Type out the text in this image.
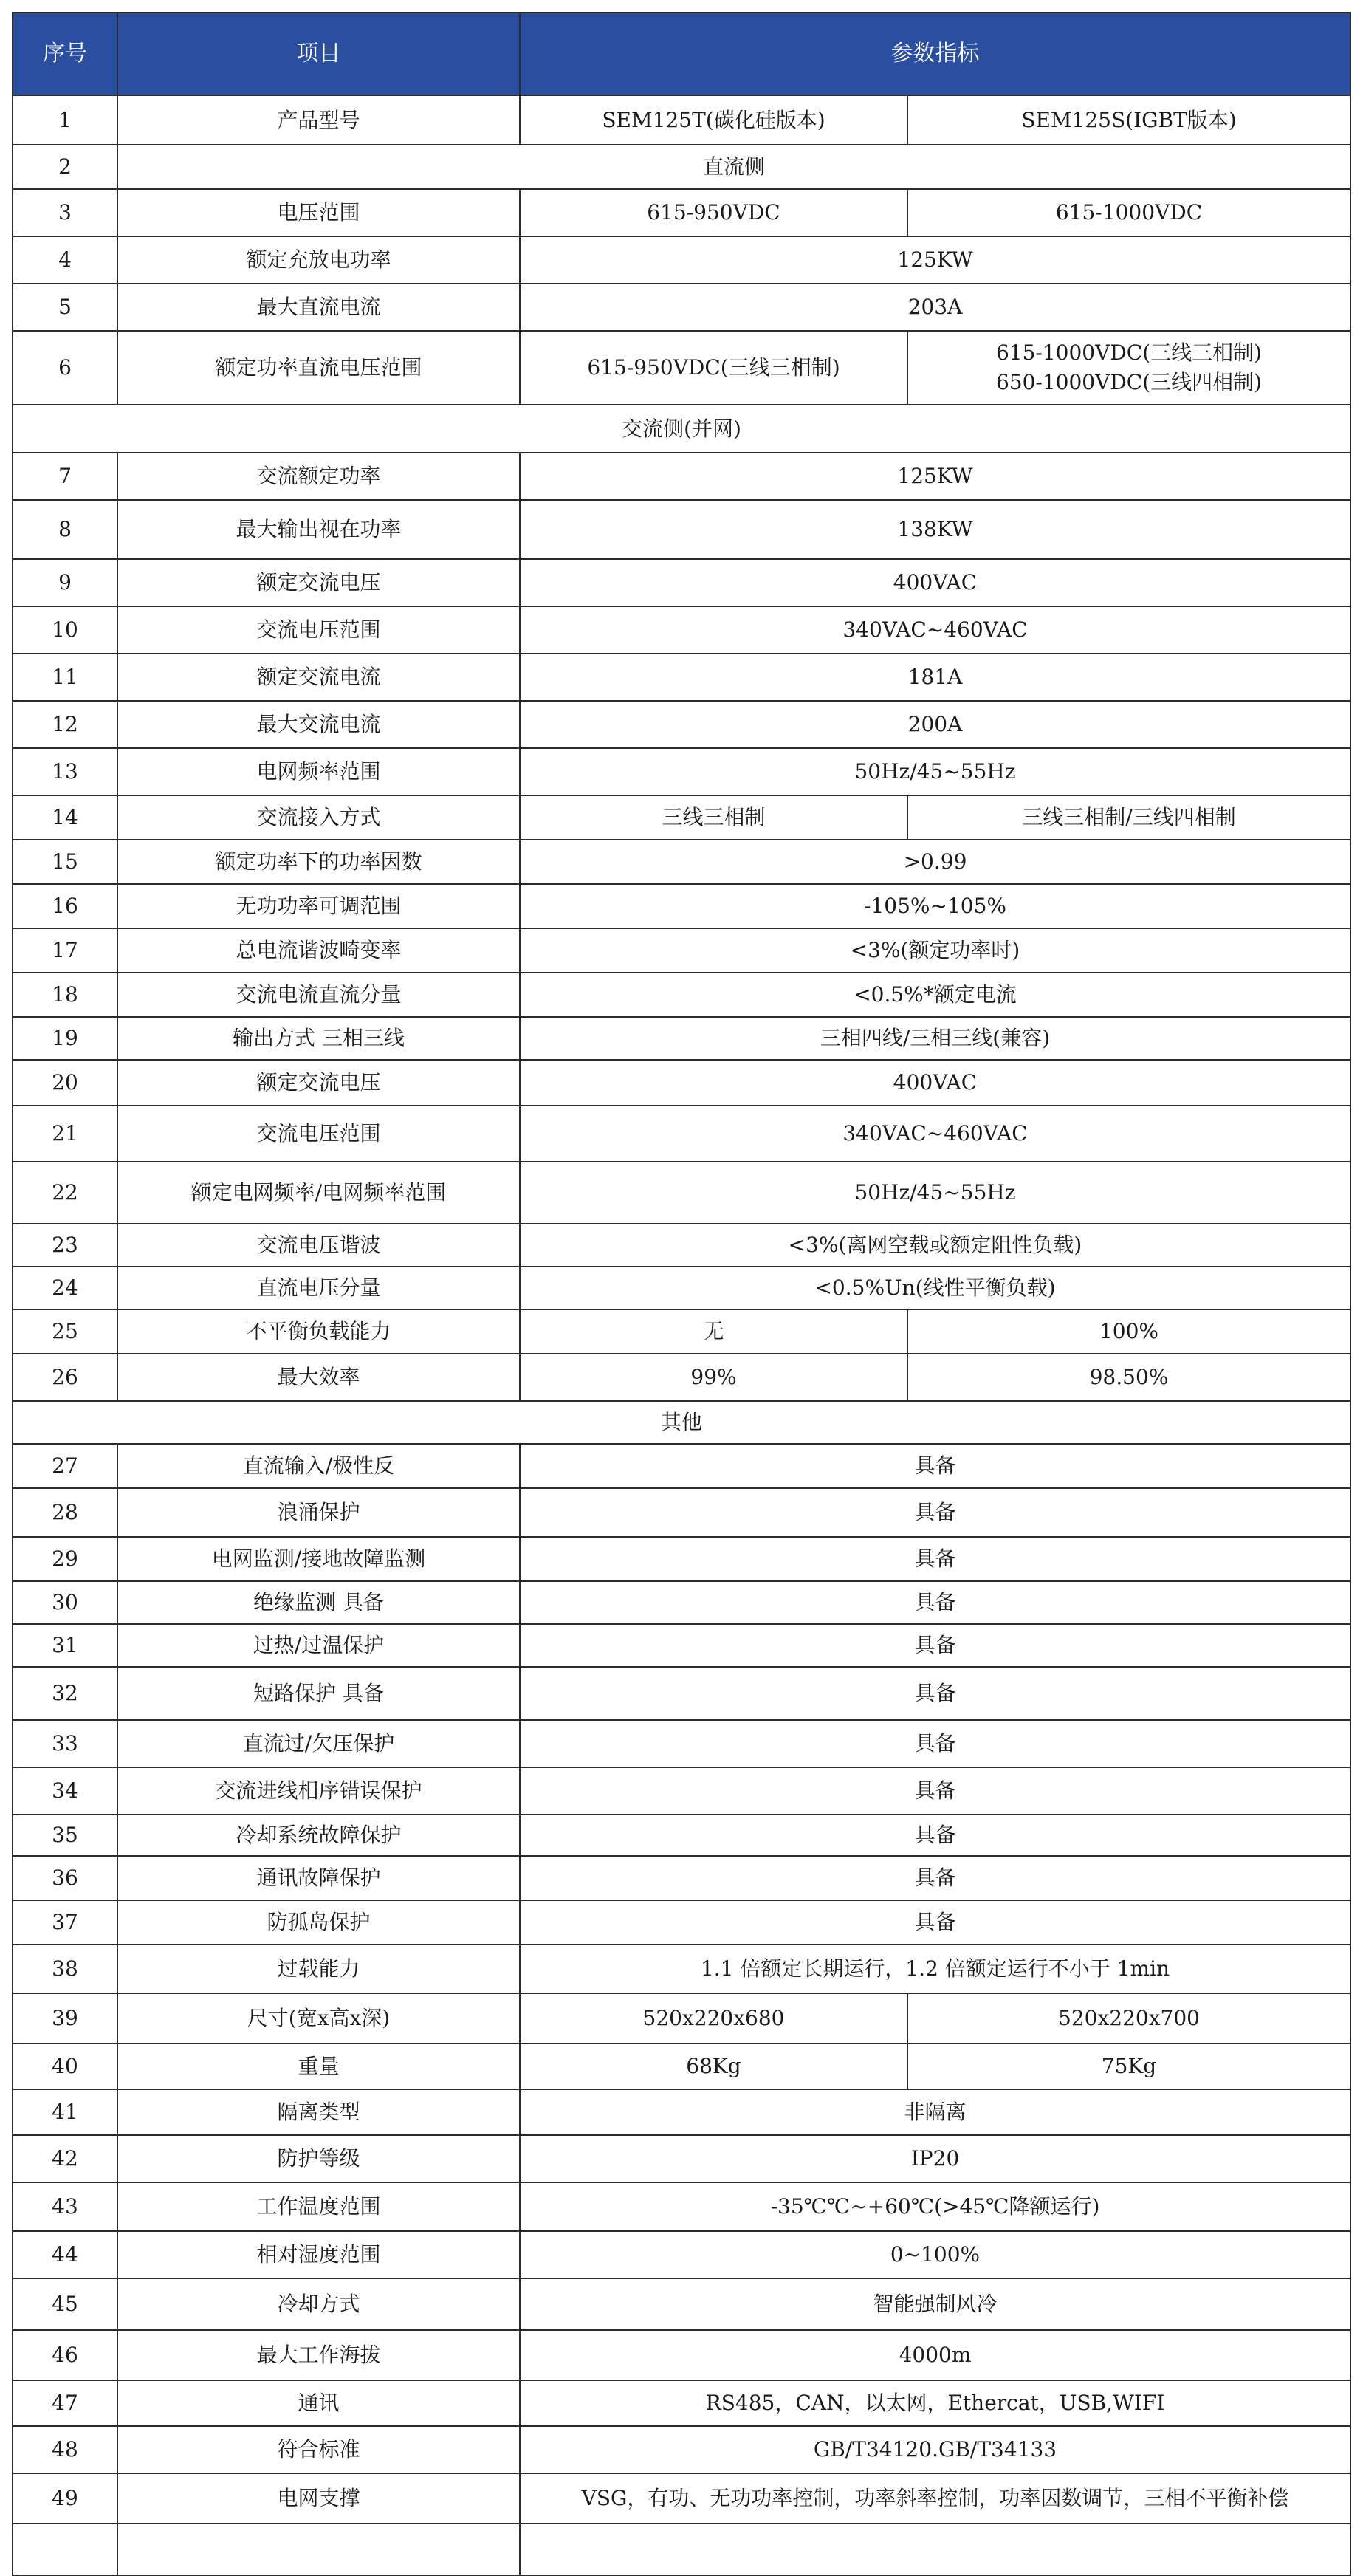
序号	项目	参数指标	
1	产品型号	SEM125T(碳化硅版本)	SEM125S(IGBT版本)
2	直流侧		
3	电压范围	615-950VDC	615-1000VDC
4	额定充放电功率	125KW	
5	最大直流电流	203A	
6	额定功率直流电压范围	615-950VDC(三线三相制)	615-1000VDC(三线三相制)
650-1000VDC(三线四相制)

交流侧(并网)			
7	交流额定功率	125KW	
8	最大输出视在功率	138KW	
9	额定交流电压	400VAC	
10	交流电压范围	340VAC~460VAC	
11	额定交流电流	181A	
12	最大交流电流	200A	
13	电网频率范围	50Hz/45~55Hz	
14	交流接入方式	三线三相制	三线三相制/三线四相制
15	额定功率下的功率因数	>0.99	
16	无功功率可调范围	-105%~105%	
17	总电流谐波畸变率	<3%(额定功率时)	
18	交流电流直流分量	<0.5%*额定电流	
19	输出方式 三相三线	三相四线/三相三线(兼容)	
20	额定交流电压	400VAC	
21	交流电压范围	340VAC~460VAC	
22	额定电网频率/电网频率范围	50Hz/45~55Hz	
23	交流电压谐波	<3%(离网空载或额定阻性负载)	
24	直流电压分量	<0.5%Un(线性平衡负载)	
25	不平衡负载能力	无	100%
26	最大效率	99%	98.50%
其他			
27	直流输入/极性反	具备	
28	浪涌保护	具备	
29	电网监测/接地故障监测	具备	
30	绝缘监测 具备	具备	
31	过热/过温保护	具备	
32	短路保护 具备	具备	
33	直流过/欠压保护	具备	
34	交流进线相序错误保护	具备	
35	冷却系统故障保护	具备	
36	通讯故障保护	具备	
37	防孤岛保护	具备	
38	过载能力	1.1 倍额定长期运行，1.2 倍额定运行不小于 1min	
39	尺寸(宽x高x深)	520x220x680	520x220x700
40	重量	68Kg	75Kg
41	隔离类型	非隔离	
42	防护等级	IP20	
43	工作温度范围	-35℃℃~+60℃(>45℃降额运行)	
44	相对湿度范围	0~100%	
45	冷却方式	智能强制风冷	
46	最大工作海拔	4000m	
47	通讯	RS485，CAN，以太网，Ethercat，USB,WIFI	
48	符合标准	GB/T34120.GB/T34133	
49	电网支撑	VSG，有功、无功功率控制，功率斜率控制，功率因数调节，三相不平衡补偿	
